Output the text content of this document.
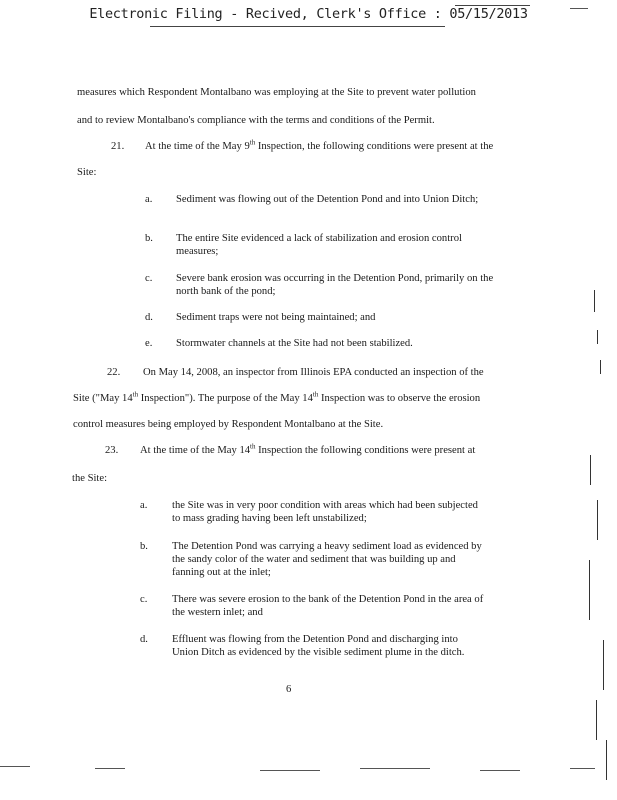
Electronic Filing - Recived, Clerk's Office : 05/15/2013
measures which Respondent Montalbano was employing at the Site to prevent water pollution
and to review Montalbano's compliance with the terms and conditions of the Permit.
21. At the time of the May 9th Inspection, the following conditions were present at the
Site:
a. Sediment was flowing out of the Detention Pond and into Union Ditch;
b. The entire Site evidenced a lack of stabilization and erosion control measures;
c. Severe bank erosion was occurring in the Detention Pond, primarily on the north bank of the pond;
d. Sediment traps were not being maintained; and
e. Stormwater channels at the Site had not been stabilized.
22. On May 14, 2008, an inspector from Illinois EPA conducted an inspection of the
Site ("May 14th Inspection"). The purpose of the May 14th Inspection was to observe the erosion
control measures being employed by Respondent Montalbano at the Site.
23. At the time of the May 14th Inspection the following conditions were present at
the Site:
a. the Site was in very poor condition with areas which had been subjected to mass grading having been left unstabilized;
b. The Detention Pond was carrying a heavy sediment load as evidenced by the sandy color of the water and sediment that was building up and fanning out at the inlet;
c. There was severe erosion to the bank of the Detention Pond in the area of the western inlet; and
d. Effluent was flowing from the Detention Pond and discharging into Union Ditch as evidenced by the visible sediment plume in the ditch.
6
